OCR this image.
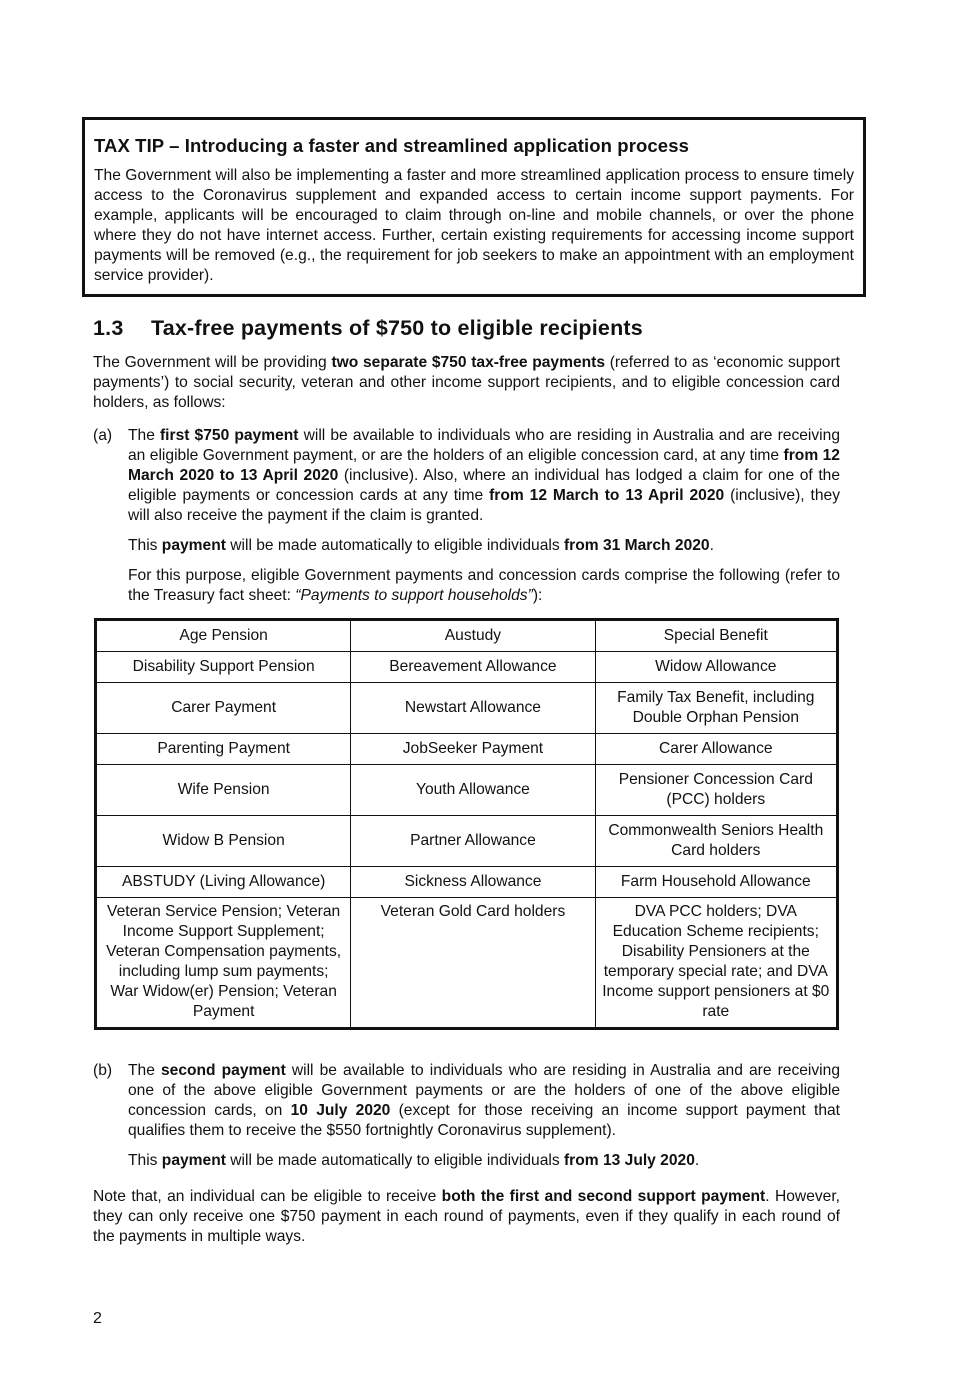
TAX TIP – Introducing a faster and streamlined application process
The Government will also be implementing a faster and more streamlined application process to ensure timely access to the Coronavirus supplement and expanded access to certain income support payments. For example, applicants will be encouraged to claim through on-line and mobile channels, or over the phone where they do not have internet access. Further, certain existing requirements for accessing income support payments will be removed (e.g., the requirement for job seekers to make an appointment with an employment service provider).
1.3 Tax-free payments of $750 to eligible recipients
The Government will be providing two separate $750 tax-free payments (referred to as ‘economic support payments’) to social security, veteran and other income support recipients, and to eligible concession card holders, as follows:
(a) The first $750 payment will be available to individuals who are residing in Australia and are receiving an eligible Government payment, or are the holders of an eligible concession card, at any time from 12 March 2020 to 13 April 2020 (inclusive). Also, where an individual has lodged a claim for one of the eligible payments or concession cards at any time from 12 March to 13 April 2020 (inclusive), they will also receive the payment if the claim is granted.
This payment will be made automatically to eligible individuals from 31 March 2020.
For this purpose, eligible Government payments and concession cards comprise the following (refer to the Treasury fact sheet: “Payments to support households”):
Age Pension	Austudy	Special Benefit
Disability Support Pension	Bereavement Allowance	Widow Allowance
Carer Payment	Newstart Allowance	Family Tax Benefit, including Double Orphan Pension
Parenting Payment	JobSeeker Payment	Carer Allowance
Wife Pension	Youth Allowance	Pensioner Concession Card (PCC) holders
Widow B Pension	Partner Allowance	Commonwealth Seniors Health Card holders
ABSTUDY (Living Allowance)	Sickness Allowance	Farm Household Allowance
Veteran Service Pension; Veteran Income Support Supplement; Veteran Compensation payments, including lump sum payments; War Widow(er) Pension; Veteran Payment	Veteran Gold Card holders	DVA PCC holders; DVA Education Scheme recipients; Disability Pensioners at the temporary special rate; and DVA Income support pensioners at $0 rate
(b) The second payment will be available to individuals who are residing in Australia and are receiving one of the above eligible Government payments or are the holders of one of the above eligible concession cards, on 10 July 2020 (except for those receiving an income support payment that qualifies them to receive the $550 fortnightly Coronavirus supplement).
This payment will be made automatically to eligible individuals from 13 July 2020.
Note that, an individual can be eligible to receive both the first and second support payment. However, they can only receive one $750 payment in each round of payments, even if they qualify in each round of the payments in multiple ways.
2
